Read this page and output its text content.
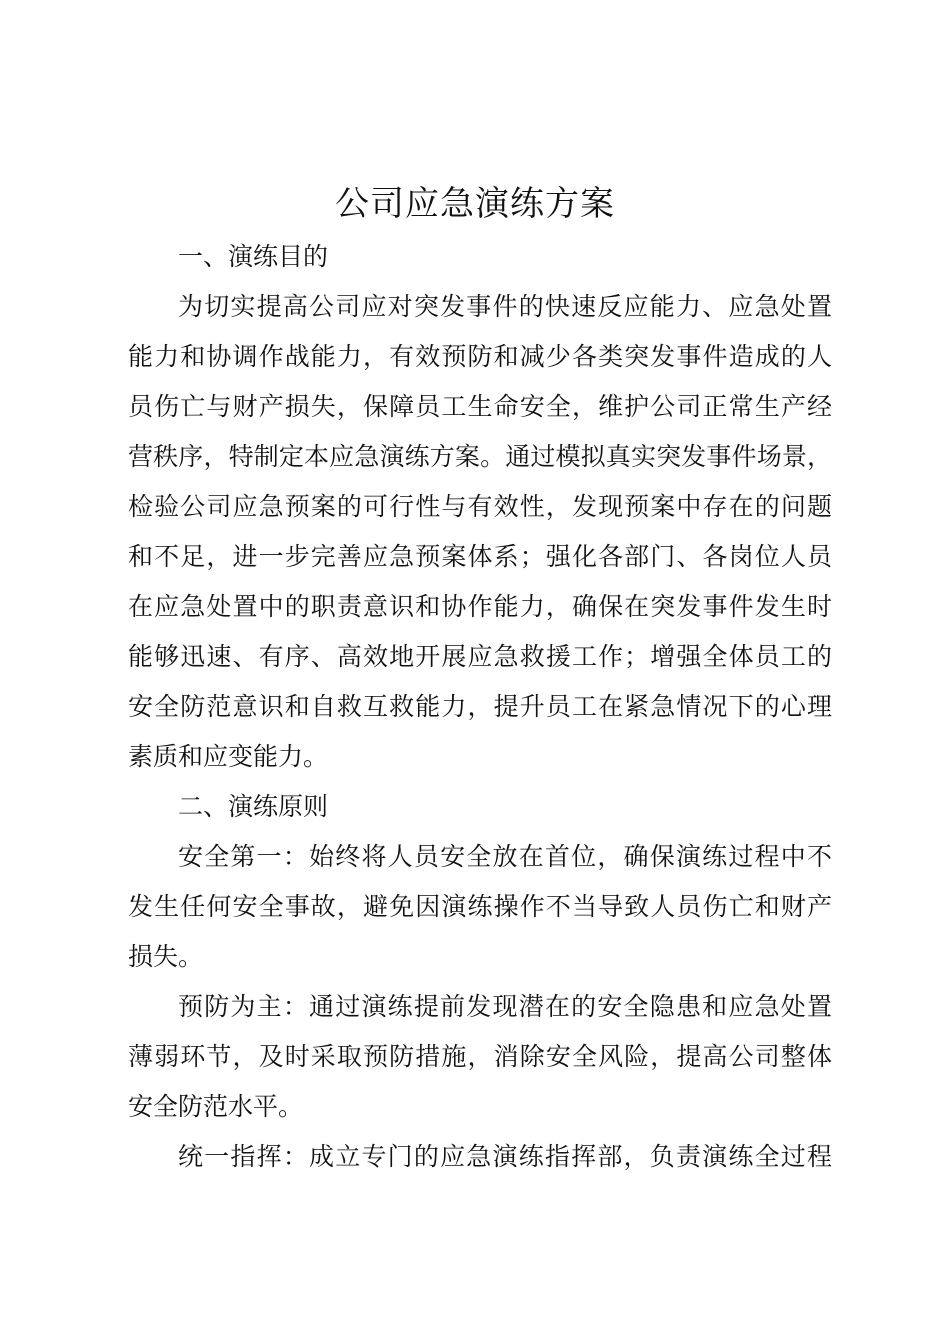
公司应急演练方案
一、演练目的
为切实提高公司应对突发事件的快速反应能力、应急处置
能力和协调作战能力，有效预防和减少各类突发事件造成的人
员伤亡与财产损失，保障员工生命安全，维护公司正常生产经
营秩序，特制定本应急演练方案。通过模拟真实突发事件场景，
检验公司应急预案的可行性与有效性，发现预案中存在的问题
和不足，进一步完善应急预案体系；强化各部门、各岗位人员
在应急处置中的职责意识和协作能力，确保在突发事件发生时
能够迅速、有序、高效地开展应急救援工作；增强全体员工的
安全防范意识和自救互救能力，提升员工在紧急情况下的心理
素质和应变能力。
二、演练原则
安全第一：始终将人员安全放在首位，确保演练过程中不
发生任何安全事故，避免因演练操作不当导致人员伤亡和财产
损失。
预防为主：通过演练提前发现潜在的安全隐患和应急处置
薄弱环节，及时采取预防措施，消除安全风险，提高公司整体
安全防范水平。
统一指挥：成立专门的应急演练指挥部，负责演练全过程
